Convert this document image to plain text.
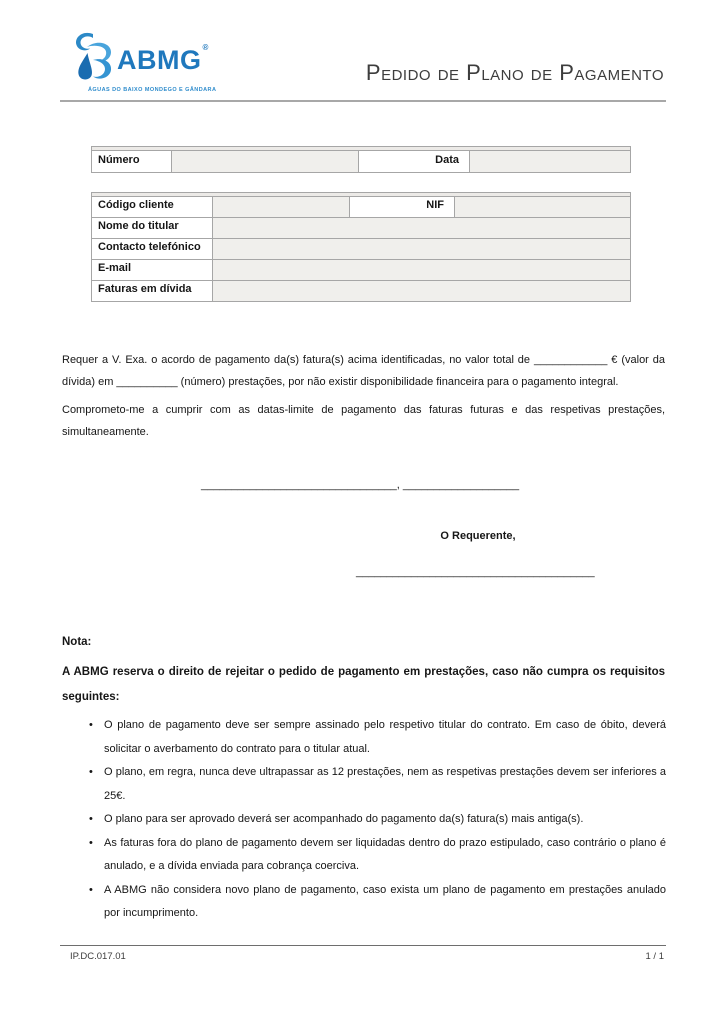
ABMG®
ÁGUAS DO BAIXO MONDEGO E GÂNDARA
Pedido de Plano de Pagamento
Número	Data
Código cliente	NIF
Nome do titular
Contacto telefónico
E-mail
Faturas em dívida

Requer a V. Exa. o acordo de pagamento da(s) fatura(s) acima identificadas, no valor total de ____________ € (valor da dívida) em __________ (número) prestações, por não existir disponibilidade financeira para o pagamento integral.

Comprometo-me a cumprir com as datas-limite de pagamento das faturas futuras e das respetivas prestações, simultaneamente.

________________________________, ___________________
O Requerente,
_______________________________________
Nota:
A ABMG reserva o direito de rejeitar o pedido de pagamento em prestações, caso não cumpra os requisitos seguintes:
•	O plano de pagamento deve ser sempre assinado pelo respetivo titular do contrato. Em caso de óbito, deverá solicitar o averbamento do contrato para o titular atual.
•	O plano, em regra, nunca deve ultrapassar as 12 prestações, nem as respetivas prestações devem ser inferiores a 25€.
•	O plano para ser aprovado deverá ser acompanhado do pagamento da(s) fatura(s) mais antiga(s).
•	As faturas fora do plano de pagamento devem ser liquidadas dentro do prazo estipulado, caso contrário o plano é anulado, e a dívida enviada para cobrança coerciva.
•	A ABMG não considera novo plano de pagamento, caso exista um plano de pagamento em prestações anulado por incumprimento.
IP.DC.017.01	1 / 1
